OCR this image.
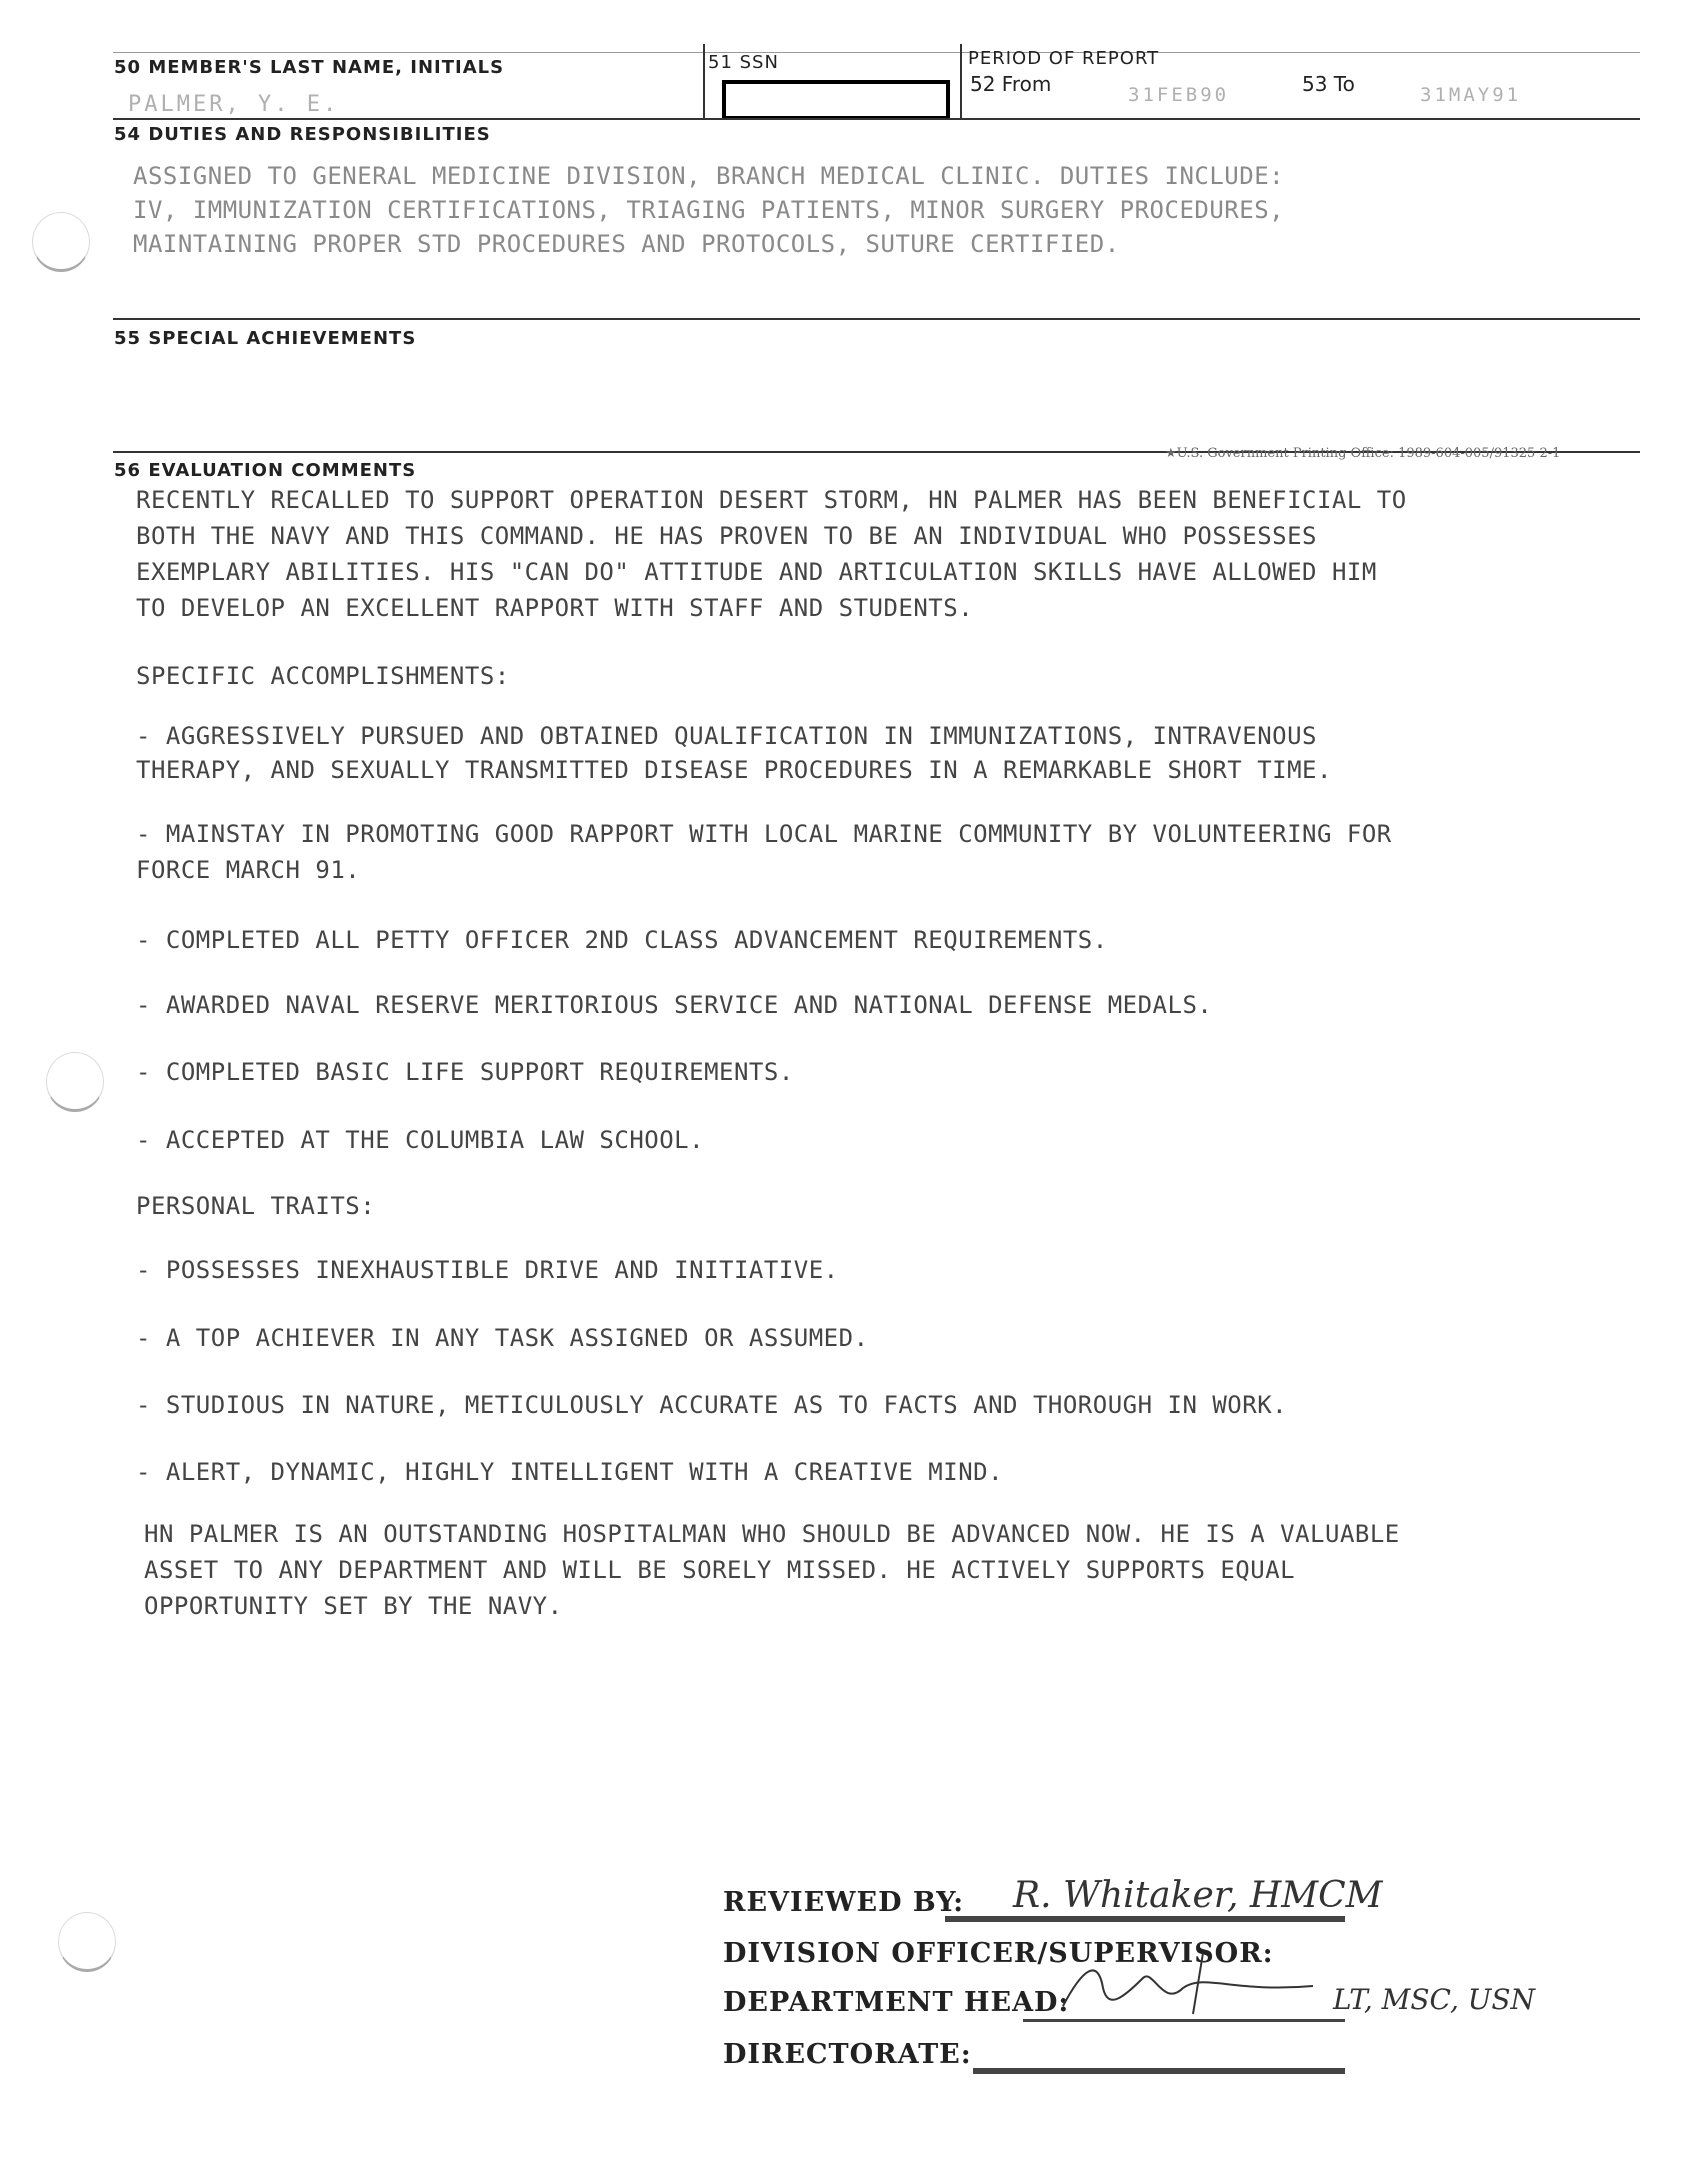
50 MEMBER'S LAST NAME, INITIALS
PALMER, Y. E.
51 SSN	PERIOD OF REPORT
52 From	31FEB90	53 To	31MAY91
54 DUTIES AND RESPONSIBILITIES
ASSIGNED TO GENERAL MEDICINE DIVISION, BRANCH MEDICAL CLINIC. DUTIES INCLUDE:
IV, IMMUNIZATION CERTIFICATIONS, TRIAGING PATIENTS, MINOR SURGERY PROCEDURES,
MAINTAINING PROPER STD PROCEDURES AND PROTOCOLS, SUTURE CERTIFIED.
55 SPECIAL ACHIEVEMENTS
56 EVALUATION COMMENTS
★U.S. Government Printing Office: 1989-604-005/91325 2-1
RECENTLY RECALLED TO SUPPORT OPERATION DESERT STORM, HN PALMER HAS BEEN BENEFICIAL TO
BOTH THE NAVY AND THIS COMMAND. HE HAS PROVEN TO BE AN INDIVIDUAL WHO POSSESSES
EXEMPLARY ABILITIES. HIS "CAN DO" ATTITUDE AND ARTICULATION SKILLS HAVE ALLOWED HIM
TO DEVELOP AN EXCELLENT RAPPORT WITH STAFF AND STUDENTS.
SPECIFIC ACCOMPLISHMENTS:
- AGGRESSIVELY PURSUED AND OBTAINED QUALIFICATION IN IMMUNIZATIONS, INTRAVENOUS
THERAPY, AND SEXUALLY TRANSMITTED DISEASE PROCEDURES IN A REMARKABLE SHORT TIME.
- MAINSTAY IN PROMOTING GOOD RAPPORT WITH LOCAL MARINE COMMUNITY BY VOLUNTEERING FOR
FORCE MARCH 91.
- COMPLETED ALL PETTY OFFICER 2ND CLASS ADVANCEMENT REQUIREMENTS.
- AWARDED NAVAL RESERVE MERITORIOUS SERVICE AND NATIONAL DEFENSE MEDALS.
- COMPLETED BASIC LIFE SUPPORT REQUIREMENTS.
- ACCEPTED AT THE COLUMBIA LAW SCHOOL.
PERSONAL TRAITS:
- POSSESSES INEXHAUSTIBLE DRIVE AND INITIATIVE.
- A TOP ACHIEVER IN ANY TASK ASSIGNED OR ASSUMED.
- STUDIOUS IN NATURE, METICULOUSLY ACCURATE AS TO FACTS AND THOROUGH IN WORK.
- ALERT, DYNAMIC, HIGHLY INTELLIGENT WITH A CREATIVE MIND.
HN PALMER IS AN OUTSTANDING HOSPITALMAN WHO SHOULD BE ADVANCED NOW. HE IS A VALUABLE
ASSET TO ANY DEPARTMENT AND WILL BE SORELY MISSED. HE ACTIVELY SUPPORTS EQUAL
OPPORTUNITY SET BY THE NAVY.
REVIEWED BY: R. Whitaker, HMCM
DIVISION OFFICER/SUPERVISOR:
DEPARTMENT HEAD:	LT, MSC, USN
DIRECTORATE:
